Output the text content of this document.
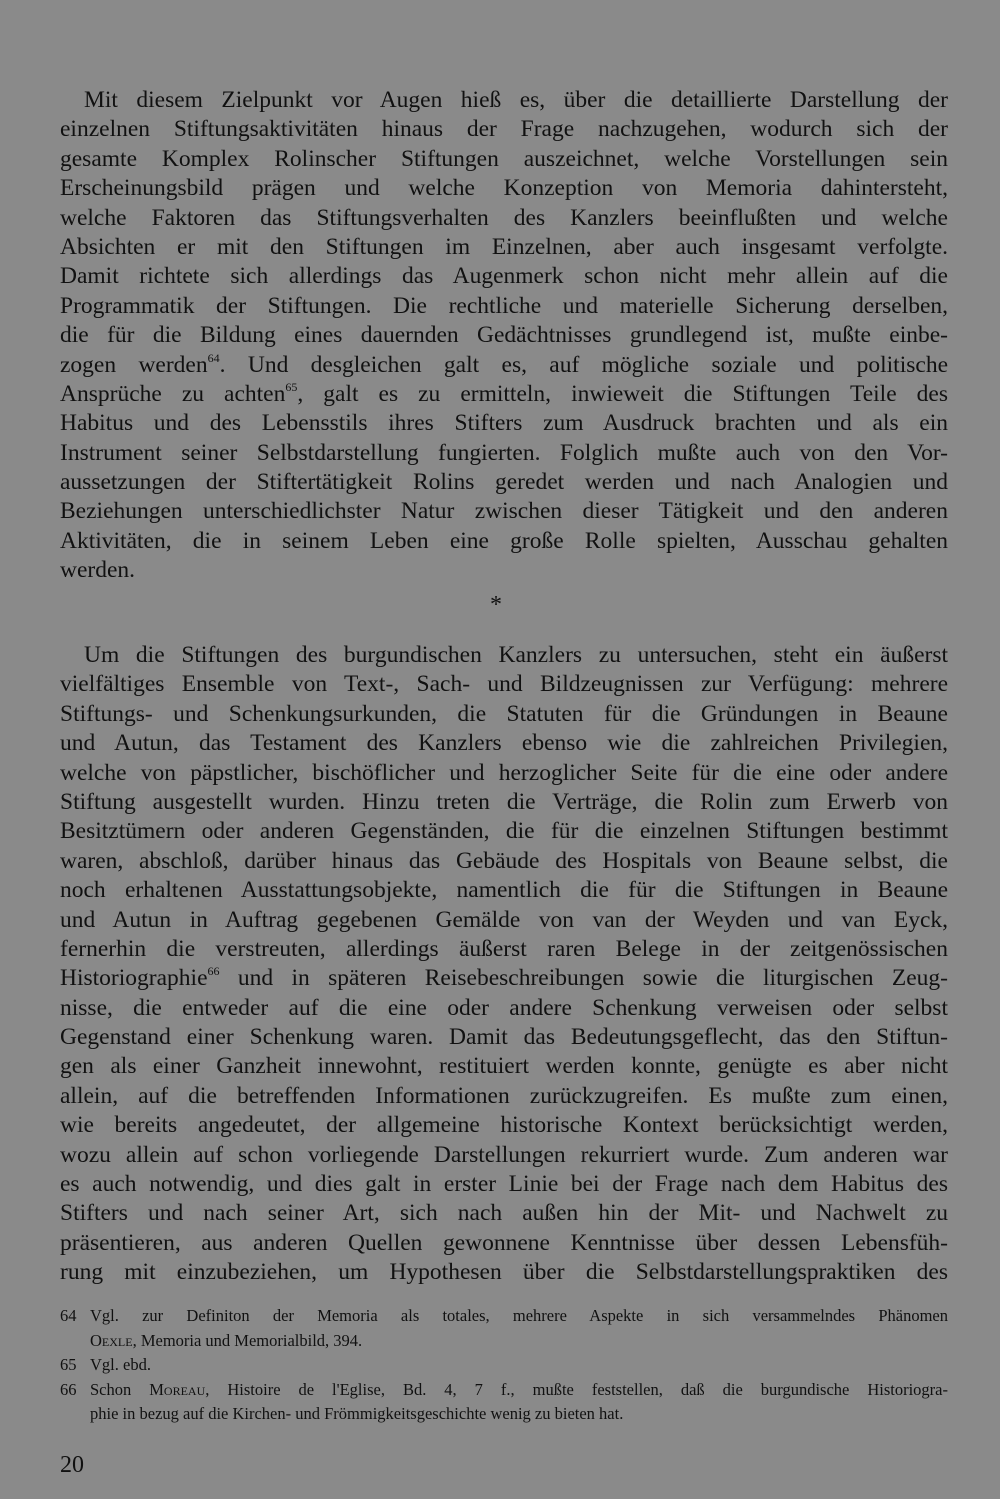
Mit diesem Zielpunkt vor Augen hieß es, über die detaillierte Darstellung der
einzelnen Stiftungsaktivitäten hinaus der Frage nachzugehen, wodurch sich der
gesamte Komplex Rolinscher Stiftungen auszeichnet, welche Vorstellungen sein
Erscheinungsbild prägen und welche Konzeption von Memoria dahintersteht,
welche Faktoren das Stiftungsverhalten des Kanzlers beeinflußten und welche
Absichten er mit den Stiftungen im Einzelnen, aber auch insgesamt verfolgte.
Damit richtete sich allerdings das Augenmerk schon nicht mehr allein auf die
Programmatik der Stiftungen. Die rechtliche und materielle Sicherung derselben,
die für die Bildung eines dauernden Gedächtnisses grundlegend ist, mußte einbe-
zogen werden$^{64}$. Und desgleichen galt es, auf mögliche soziale und politische
Ansprüche zu achten$^{65}$, galt es zu ermitteln, inwieweit die Stiftungen Teile des
Habitus und des Lebensstils ihres Stifters zum Ausdruck brachten und als ein
Instrument seiner Selbstdarstellung fungierten. Folglich mußte auch von den Vor-
aussetzungen der Stiftertätigkeit Rolins geredet werden und nach Analogien und
Beziehungen unterschiedlichster Natur zwischen dieser Tätigkeit und den anderen
Aktivitäten, die in seinem Leben eine große Rolle spielten, Ausschau gehalten
werden.
*
Um die Stiftungen des burgundischen Kanzlers zu untersuchen, steht ein äußerst
vielfältiges Ensemble von Text-, Sach- und Bildzeugnissen zur Verfügung: mehrere
Stiftungs- und Schenkungsurkunden, die Statuten für die Gründungen in Beaune
und Autun, das Testament des Kanzlers ebenso wie die zahlreichen Privilegien,
welche von päpstlicher, bischöflicher und herzoglicher Seite für die eine oder andere
Stiftung ausgestellt wurden. Hinzu treten die Verträge, die Rolin zum Erwerb von
Besitztümern oder anderen Gegenständen, die für die einzelnen Stiftungen bestimmt
waren, abschloß, darüber hinaus das Gebäude des Hospitals von Beaune selbst, die
noch erhaltenen Ausstattungsobjekte, namentlich die für die Stiftungen in Beaune
und Autun in Auftrag gegebenen Gemälde von van der Weyden und van Eyck,
fernerhin die verstreuten, allerdings äußerst raren Belege in der zeitgenössischen
Historiographie$^{66}$ und in späteren Reisebeschreibungen sowie die liturgischen Zeug-
nisse, die entweder auf die eine oder andere Schenkung verweisen oder selbst
Gegenstand einer Schenkung waren. Damit das Bedeutungsgeflecht, das den Stiftun-
gen als einer Ganzheit innewohnt, restituiert werden konnte, genügte es aber nicht
allein, auf die betreffenden Informationen zurückzugreifen. Es mußte zum einen,
wie bereits angedeutet, der allgemeine historische Kontext berücksichtigt werden,
wozu allein auf schon vorliegende Darstellungen rekurriert wurde. Zum anderen war
es auch notwendig, und dies galt in erster Linie bei der Frage nach dem Habitus des
Stifters und nach seiner Art, sich nach außen hin der Mit- und Nachwelt zu
präsentieren, aus anderen Quellen gewonnene Kenntnisse über dessen Lebensfüh-
rung mit einzubeziehen, um Hypothesen über die Selbstdarstellungspraktiken des
64 Vgl. zur Definiton der Memoria als totales, mehrere Aspekte in sich versammelndes Phänomen
Oexle, Memoria und Memorialbild, 394.
65 Vgl. ebd.
66 Schon Moreau, Histoire de l'Eglise, Bd. 4, 7 f., mußte feststellen, daß die burgundische Historiogra-
phie in bezug auf die Kirchen- und Frömmigkeitsgeschichte wenig zu bieten hat.
20
